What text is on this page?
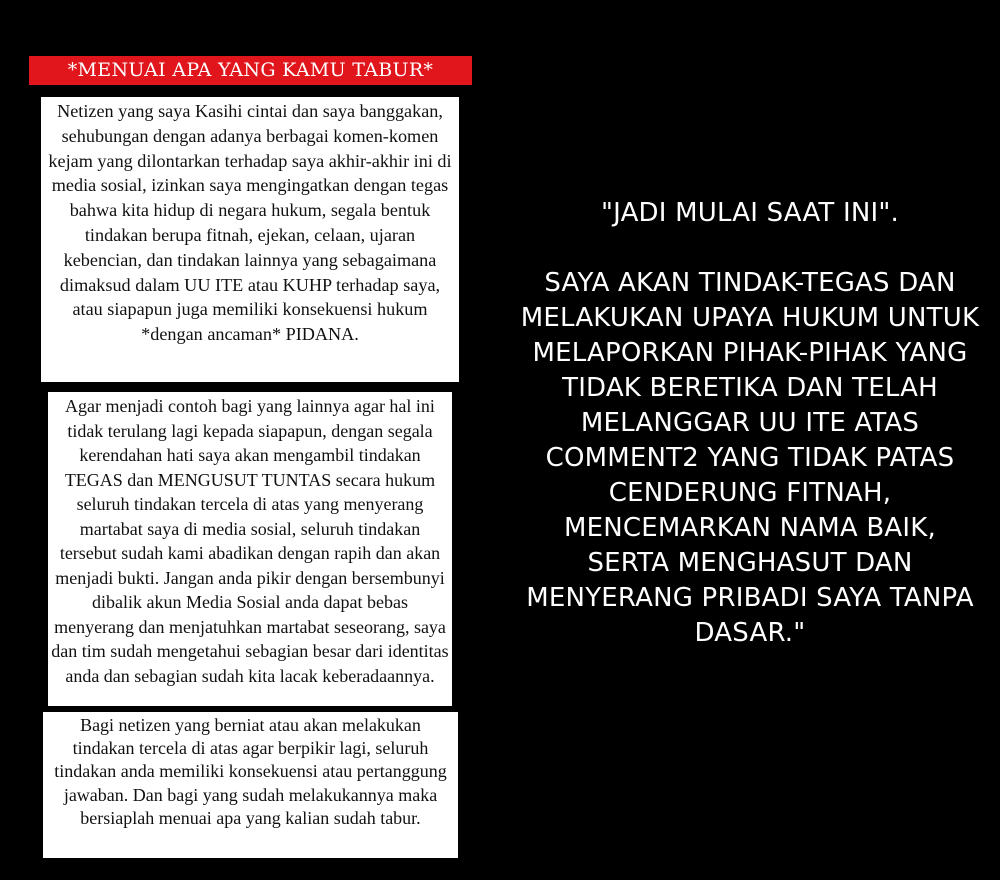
*MENUAI APA YANG KAMU TABUR*

Netizen yang saya Kasihi cintai dan saya banggakan, sehubungan dengan adanya berbagai komen-komen kejam yang dilontarkan terhadap saya akhir-akhir ini di media sosial, izinkan saya mengingatkan dengan tegas bahwa kita hidup di negara hukum, segala bentuk tindakan berupa fitnah, ejekan, celaan, ujaran kebencian, dan tindakan lainnya yang sebagaimana dimaksud dalam UU ITE atau KUHP terhadap saya, atau siapapun juga memiliki konsekuensi hukum *dengan ancaman* PIDANA.

Agar menjadi contoh bagi yang lainnya agar hal ini tidak terulang lagi kepada siapapun, dengan segala kerendahan hati saya akan mengambil tindakan TEGAS dan MENGUSUT TUNTAS secara hukum seluruh tindakan tercela di atas yang menyerang martabat saya di media sosial, seluruh tindakan tersebut sudah kami abadikan dengan rapih dan akan menjadi bukti. Jangan anda pikir dengan bersembunyi dibalik akun Media Sosial anda dapat bebas menyerang dan menjatuhkan martabat seseorang, saya dan tim sudah mengetahui sebagian besar dari identitas anda dan sebagian sudah kita lacak keberadaannya.

Bagi netizen yang berniat atau akan melakukan tindakan tercela di atas agar berpikir lagi, seluruh tindakan anda memiliki konsekuensi atau pertanggung jawaban. Dan bagi yang sudah melakukannya maka bersiaplah menuai apa yang kalian sudah tabur.

"JADI MULAI SAAT INI".

SAYA AKAN TINDAK-TEGAS DAN MELAKUKAN UPAYA HUKUM UNTUK MELAPORKAN PIHAK-PIHAK YANG TIDAK BERETIKA DAN TELAH MELANGGAR UU ITE ATAS COMMENT2 YANG TIDAK PATAS CENDERUNG FITNAH, MENCEMARKAN NAMA BAIK, SERTA MENGHASUT DAN MENYERANG PRIBADI SAYA TANPA DASAR."
